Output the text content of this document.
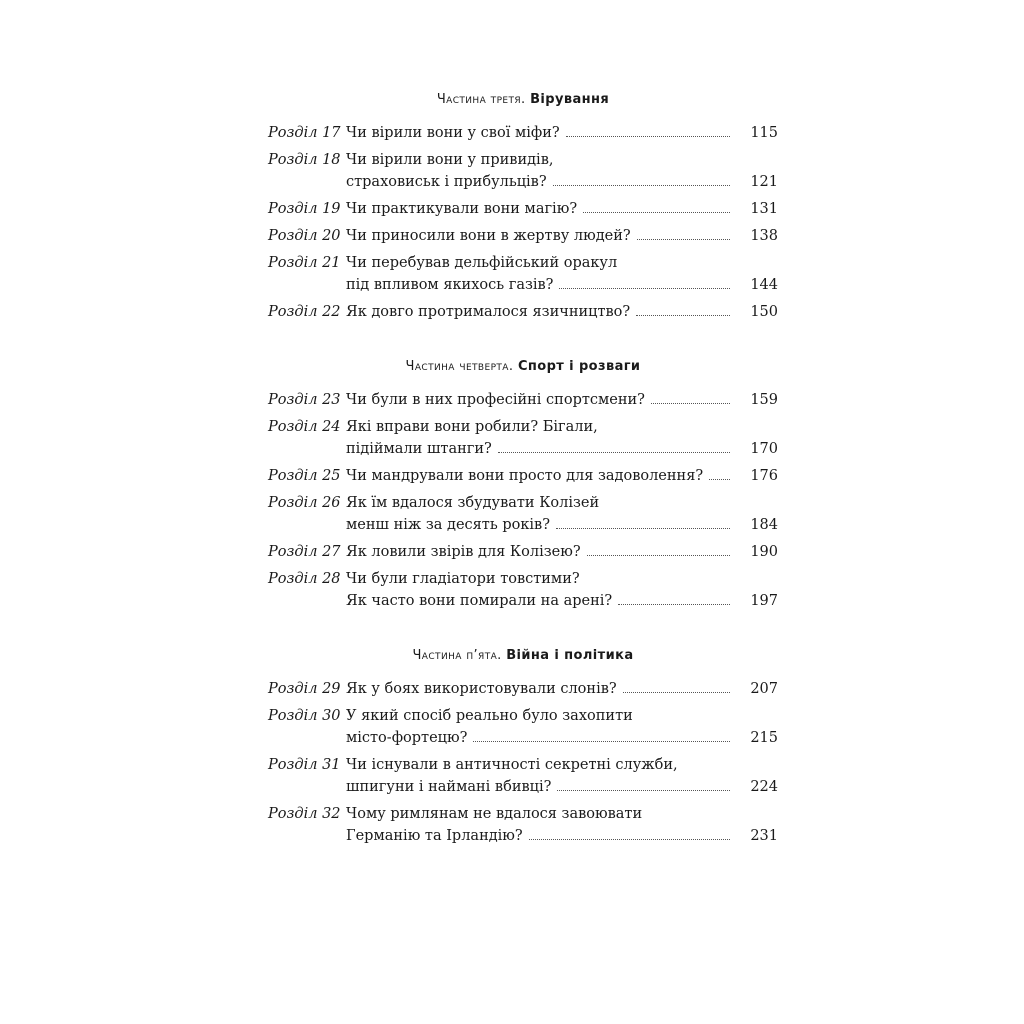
Частина третя. Вірування
Розділ 17 Чи вірили вони у свої міфи?	115
Розділ 18 Чи вірили вони у привидів,
страховиськ і прибульців?	121
Розділ 19 Чи практикували вони магію?	131
Розділ 20 Чи приносили вони в жертву людей?	138
Розділ 21 Чи перебував дельфійський оракул
під впливом якихось газів?	144
Розділ 22 Як довго протрималося язичництво?	150
Частина четверта. Спорт і розваги
Розділ 23 Чи були в них професійні спортсмени?	159
Розділ 24 Які вправи вони робили? Бігали,
підіймали штанги?	170
Розділ 25 Чи мандрували вони просто для задоволення?	176
Розділ 26 Як їм вдалося збудувати Колізей
менш ніж за десять років?	184
Розділ 27 Як ловили звірів для Колізею?	190
Розділ 28 Чи були гладіатори товстими?
Як часто вони помирали на арені?	197
Частина п’ята. Війна і політика
Розділ 29 Як у боях використовували слонів?	207
Розділ 30 У який спосіб реально було захопити
місто-фортецю?	215
Розділ 31 Чи існували в античності секретні служби,
шпигуни і наймані вбивці?	224
Розділ 32 Чому римлянам не вдалося завоювати
Германію та Ірландію?	231
